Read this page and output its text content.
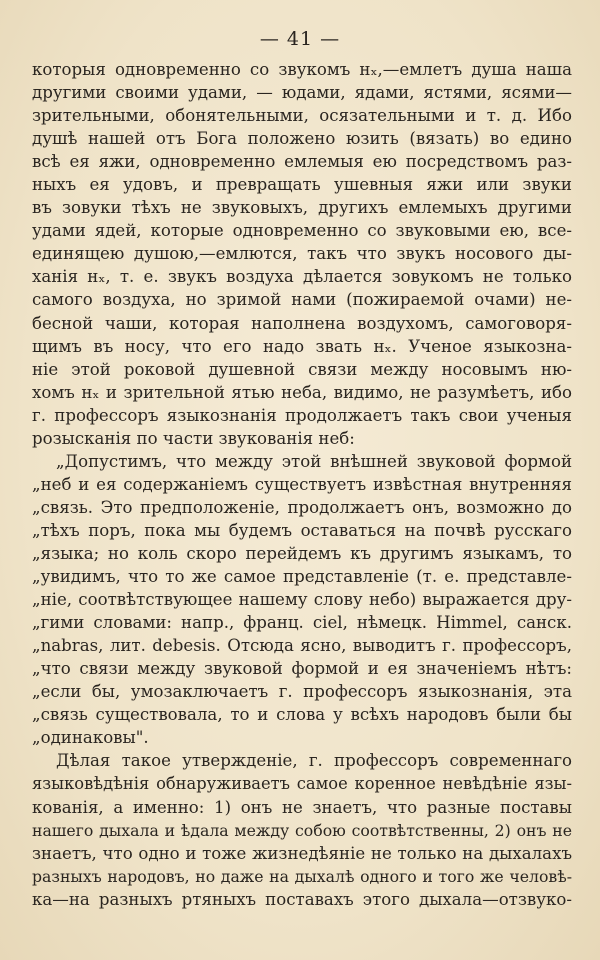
— 41 —
которыя одновременно со звукомъ нₓ,—емлетъ душа наша
другими своими удами, — юдами, ядами, ястями, ясями—
зрительными, обонятельными, осязательными и т. д. Ибо
душѣ нашей отъ Бога положено юзить (вязать) во едино
всѣ ея яжи, одновременно емлемыя ею посредствомъ раз-
ныхъ ея удовъ, и превращать ушевныя яжи или звуки
въ зовуки тѣхъ не звуковыхъ, другихъ емлемыхъ другими
удами ядей, которые одновременно со звуковыми ею, все-
единящею душою,—емлются, такъ что звукъ носового ды-
ханія нₓ, т. е. звукъ воздуха дѣлается зовукомъ не только
самого воздуха, но зримой нами (пожираемой очами) не-
бесной чаши, которая наполнена воздухомъ, самоговоря-
щимъ въ носу, что его надо звать нₓ. Ученое языкозна-
ніе этой роковой душевной связи между носовымъ ню-
хомъ нₓ и зрительной ятью неба, видимо, не разумѣетъ, ибо
г. профессоръ языкознанія продолжаетъ такъ свои ученыя
розысканія по части звукованія неб:
„Допустимъ, что между этой внѣшней звуковой формой
„неб и ея содержаніемъ существуетъ извѣстная внутренняя
„связь. Это предположеніе, продолжаетъ онъ, возможно до
„тѣхъ поръ, пока мы будемъ оставаться на почвѣ русскаго
„языка; но коль скоро перейдемъ къ другимъ языкамъ, то
„увидимъ, что то же самое представленіе (т. е. представле-
„ніе, соотвѣтствующее нашему слову небо) выражается дру-
„гими словами: напр., франц. ciel, нѣмецк. Himmel, санск.
„nabras, лит. debesis. Отсюда ясно, выводитъ г. профессоръ,
„что связи между звуковой формой и ея значеніемъ нѣтъ:
„если бы, умозаключаетъ г. профессоръ языкознанія, эта
„связь существовала, то и слова у всѣхъ народовъ были бы
„одинаковы".
Дѣлая такое утвержденіе, г. профессоръ современнаго
языковѣдѣнія обнаруживаетъ самое коренное невѣдѣніе язы-
кованія, а именно: 1) онъ не знаетъ, что разные поставы
нашего дыхала и ѣдала между собою соотвѣтственны, 2) онъ не
знаетъ, что одно и тоже жизнедѣяніе не только на дыхалахъ
разныхъ народовъ, но даже на дыхалѣ одного и того же человѣ-
ка—на разныхъ ртяныхъ поставахъ этого дыхала—отзвуко-
